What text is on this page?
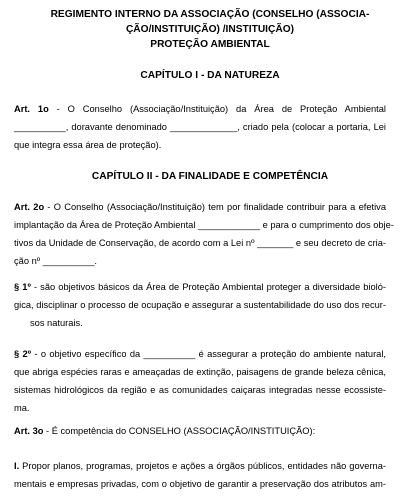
REGIMENTO INTERNO DA ASSOCIAÇÃO (CONSELHO (ASSOCIA-
ÇÃO/INSTITUIÇÃO) /INSTITUIÇÃO)
PROTEÇÃO AMBIENTAL
CAPÍTULO I - DA NATUREZA
Art. 1o - O Conselho (Associação/Instituição) da Área de Proteção Ambiental
__________, doravante denominado _____________, criado pela (colocar a portaria, Lei
que integra essa área de proteção).
CAPÍTULO II - DA FINALIDADE E COMPETÊNCIA
Art. 2o - O Conselho (Associação/Instituição) tem por finalidade contribuir para a efetiva
implantação da Área de Proteção Ambiental ____________ e para o cumprimento dos obje-
tivos da Unidade de Conservação, de acordo com a Lei nº _______ e seu decreto de cria-
ção nº __________.
§ 1º - são objetivos básicos da Área de Proteção Ambiental proteger a diversidade bioló-
gica, disciplinar o processo de ocupação e assegurar a sustentabilidade do uso dos recur-
sos naturais.
§ 2º - o objetivo específico da __________ é assegurar a proteção do ambiente natural,
que abriga espécies raras e ameaçadas de extinção, paisagens de grande beleza cênica,
sistemas hidrológicos da região e as comunidades caiçaras integradas nesse ecossiste-
ma.
Art. 3o - É competência do CONSELHO (ASSOCIAÇÃO/INSTITUIÇÃO):
I. Propor planos, programas, projetos e ações a órgãos públicos, entidades não governa-
mentais e empresas privadas, com o objetivo de garantir a preservação dos atributos am-
